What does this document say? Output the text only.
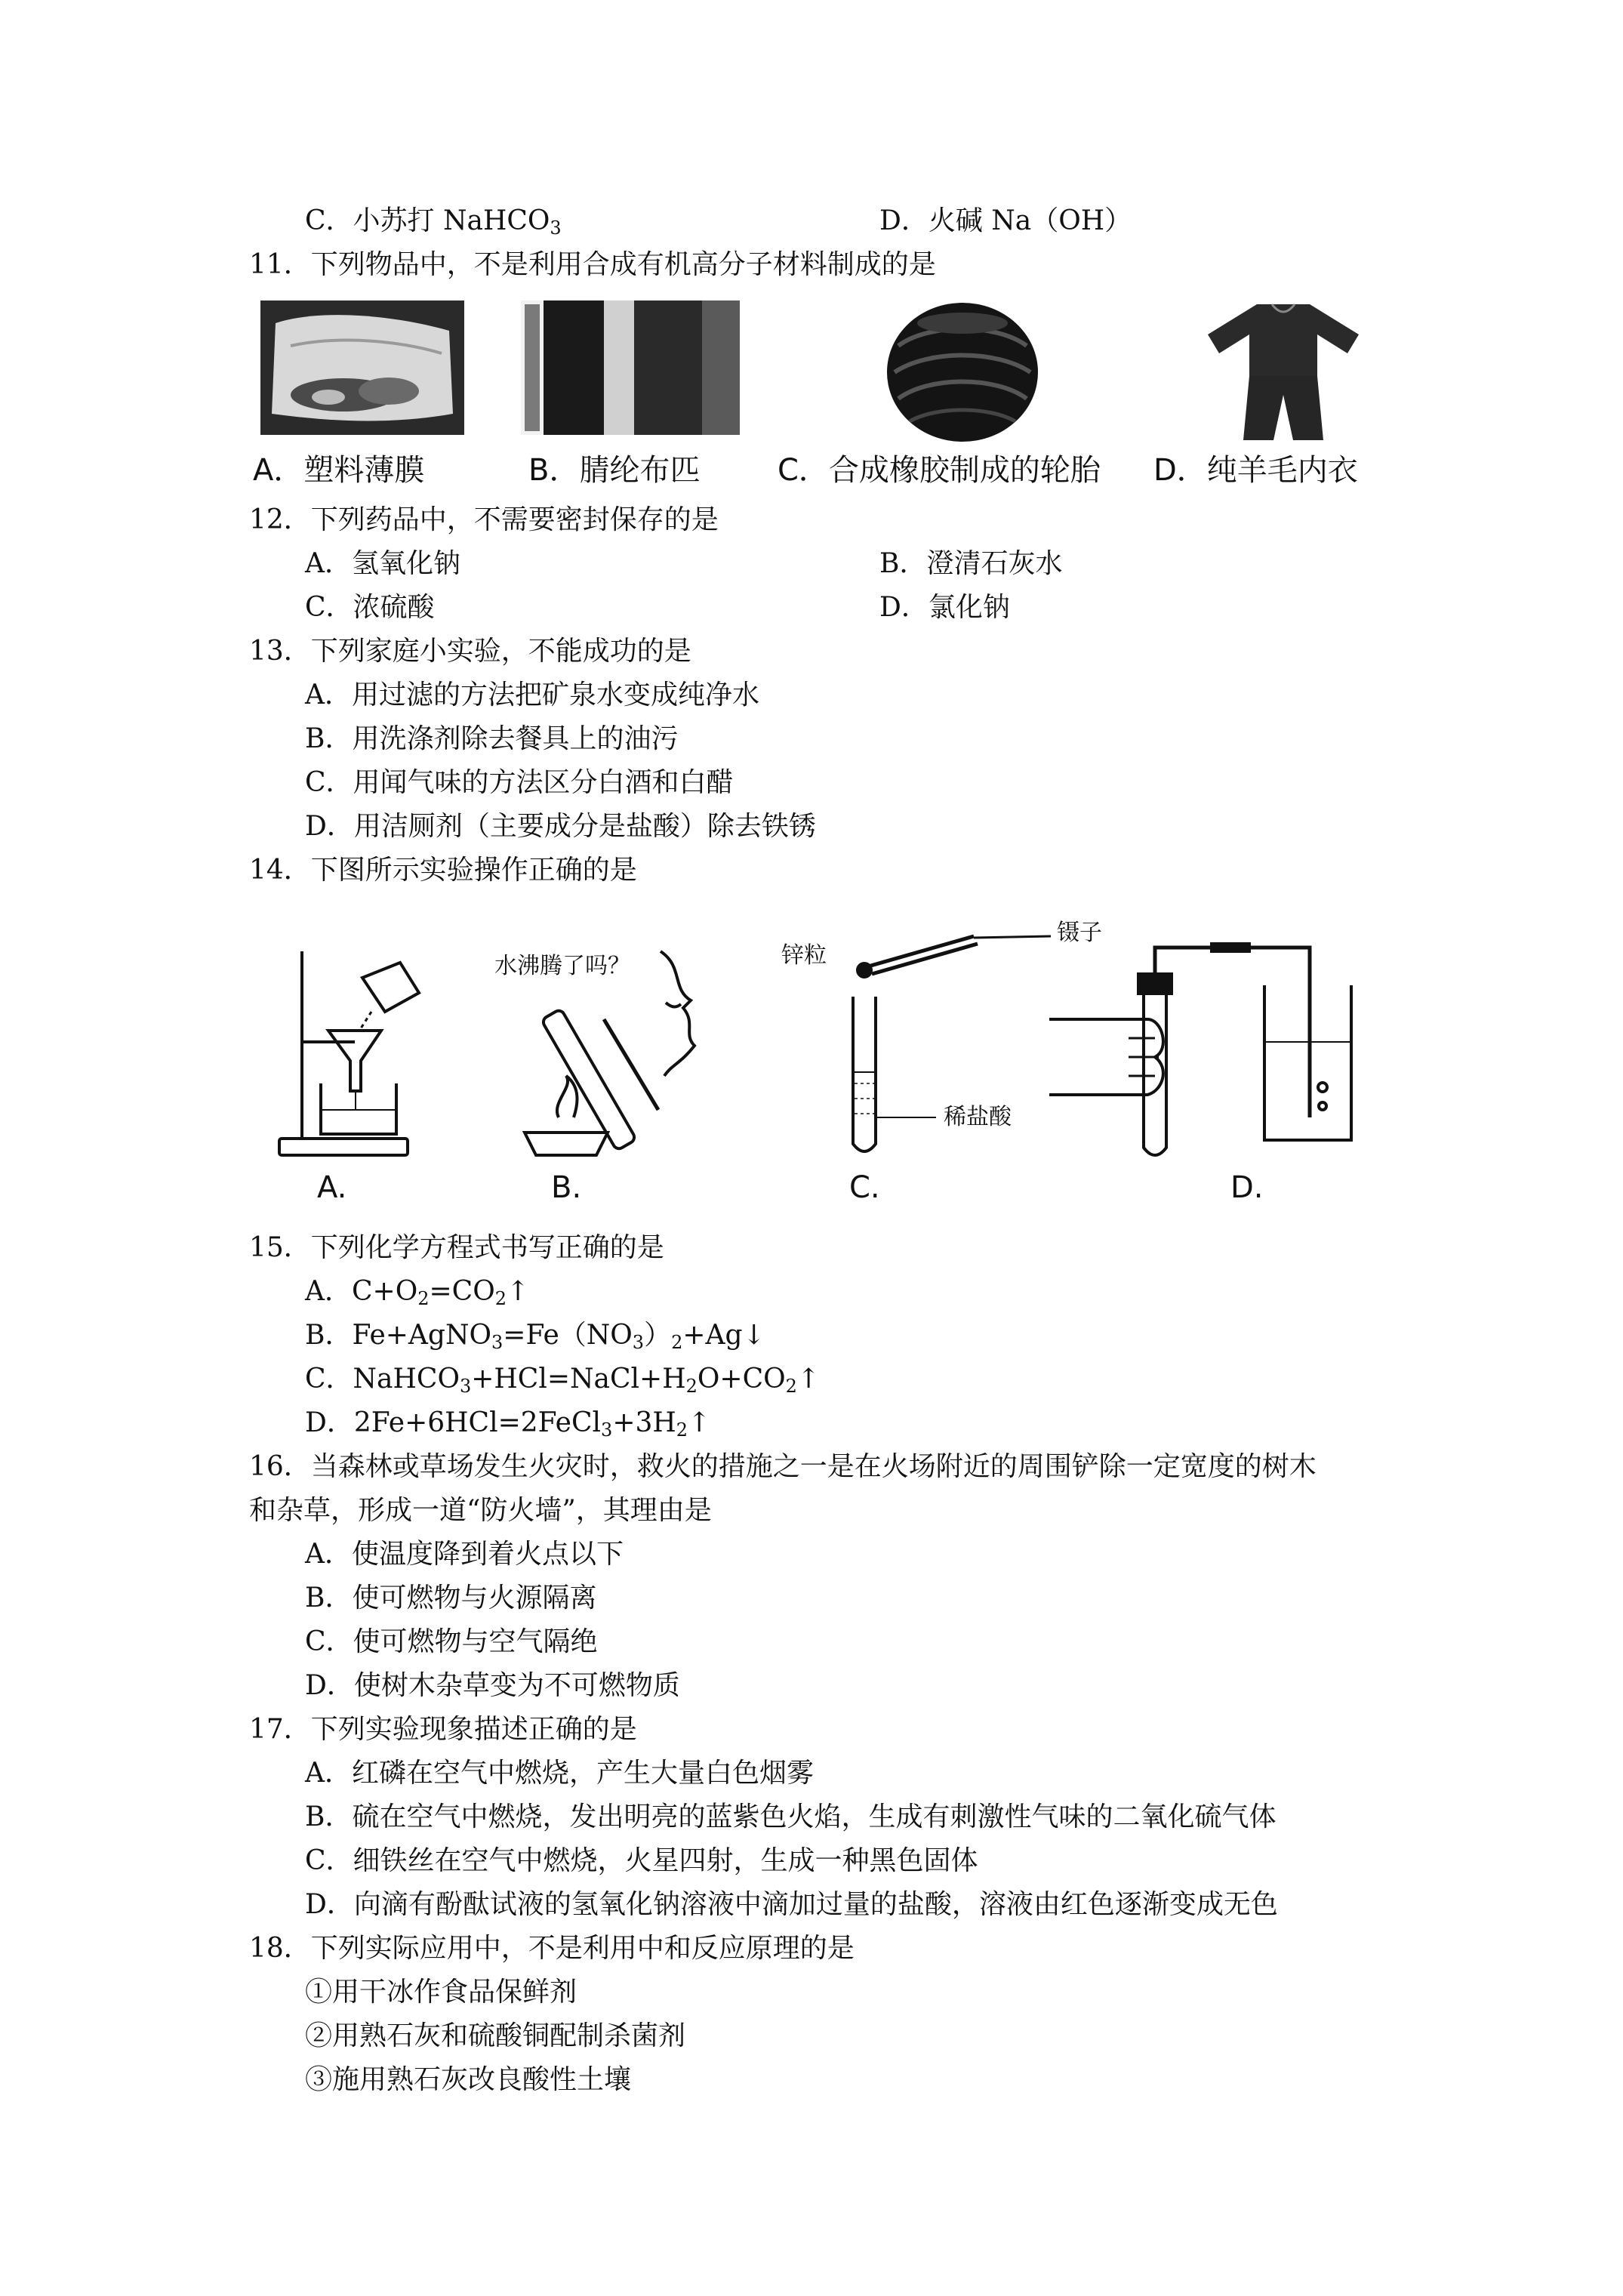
C．小苏打 NaHCO$_3$	D．火碱 Na（OH）
11．下列物品中，不是利用合成有机高分子材料制成的是
A．塑料薄膜	B．腈纶布匹	C．合成橡胶制成的轮胎 D．纯羊毛内衣
12．下列药品中，不需要密封保存的是
A．氢氧化钠	B．澄清石灰水
C．浓硫酸	D．氯化钠
13．下列家庭小实验，不能成功的是
A．用过滤的方法把矿泉水变成纯净水
B．用洗涤剂除去餐具上的油污
C．用闻气味的方法区分白酒和白醋
D．用洁厕剂（主要成分是盐酸）除去铁锈
14．下图所示实验操作正确的是
A.
水沸腾了吗？
B.
锌粒
镊子
稀盐酸
C.	D.
15．下列化学方程式书写正确的是
A．$C+O_2=CO_2↑$
B．$Fe+AgNO_3=Fe(NO_3)_2+Ag↓$
C．$NaHCO_3+HCl=NaCl+H_2O+CO_2↑$
D．$2Fe+6HCl=2FeCl_3+3H_2↑$
16．当森林或草场发生火灾时，救火的措施之一是在火场附近的周围铲除一定宽度的树木
和杂草，形成一道“防火墙”，其理由是
A．使温度降到着火点以下
B．使可燃物与火源隔离
C．使可燃物与空气隔绝
D．使树木杂草变为不可燃物质
17．下列实验现象描述正确的是
A．红磷在空气中燃烧，产生大量白色烟雾
B．硫在空气中燃烧，发出明亮的蓝紫色火焰，生成有刺激性气味的二氧化硫气体
C．细铁丝在空气中燃烧，火星四射，生成一种黑色固体
D．向滴有酚酞试液的氢氧化钠溶液中滴加过量的盐酸，溶液由红色逐渐变成无色
18．下列实际应用中，不是利用中和反应原理的是
①用干冰作食品保鲜剂
②用熟石灰和硫酸铜配制杀菌剂
③施用熟石灰改良酸性土壤
